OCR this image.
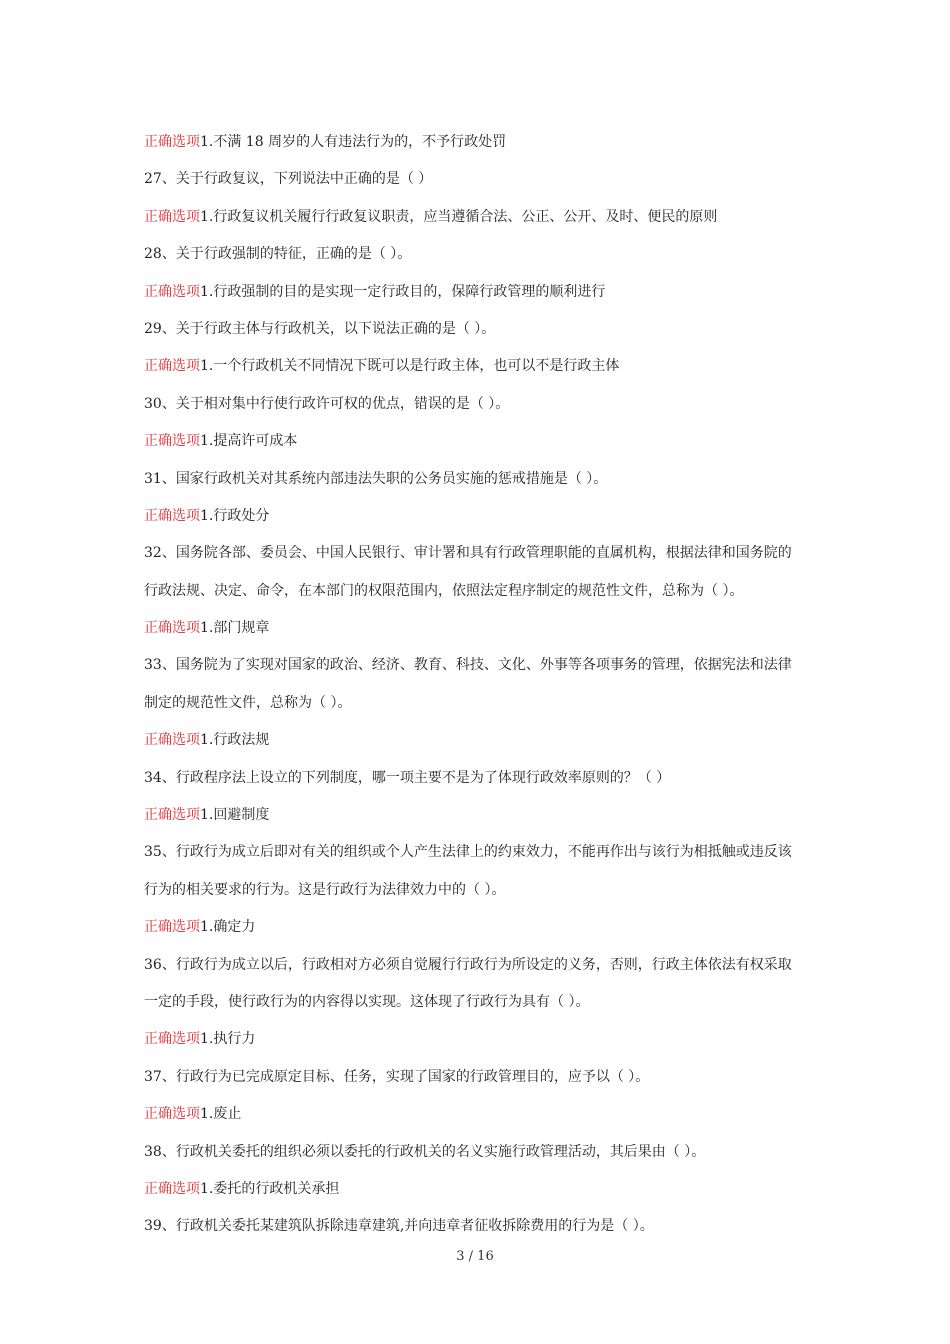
正确选项1.不满 18 周岁的人有违法行为的，不予行政处罚
27、关于行政复议，下列说法中正确的是（ ）
正确选项1.行政复议机关履行行政复议职责，应当遵循合法、公正、公开、及时、便民的原则
28、关于行政强制的特征，正确的是（ ）。
正确选项1.行政强制的目的是实现一定行政目的，保障行政管理的顺利进行
29、关于行政主体与行政机关，以下说法正确的是（ ）。
正确选项1.一个行政机关不同情况下既可以是行政主体，也可以不是行政主体
30、关于相对集中行使行政许可权的优点，错误的是（ ）。
正确选项1.提高许可成本
31、国家行政机关对其系统内部违法失职的公务员实施的惩戒措施是（ ）。
正确选项1.行政处分
32、国务院各部、委员会、中国人民银行、审计署和具有行政管理职能的直属机构，根据法律和国务院的
行政法规、决定、命令，在本部门的权限范围内，依照法定程序制定的规范性文件，总称为（ ）。
正确选项1.部门规章
33、国务院为了实现对国家的政治、经济、教育、科技、文化、外事等各项事务的管理，依据宪法和法律
制定的规范性文件，总称为（ ）。
正确选项1.行政法规
34、行政程序法上设立的下列制度，哪一项主要不是为了体现行政效率原则的？（ ）
正确选项1.回避制度
35、行政行为成立后即对有关的组织或个人产生法律上的约束效力，不能再作出与该行为相抵触或违反该
行为的相关要求的行为。这是行政行为法律效力中的（ ）。
正确选项1.确定力
36、行政行为成立以后，行政相对方必须自觉履行行政行为所设定的义务，否则，行政主体依法有权采取
一定的手段，使行政行为的内容得以实现。这体现了行政行为具有（ ）。
正确选项1.执行力
37、行政行为已完成原定目标、任务，实现了国家的行政管理目的，应予以（ ）。
正确选项1.废止
38、行政机关委托的组织必须以委托的行政机关的名义实施行政管理活动，其后果由（ ）。
正确选项1.委托的行政机关承担
39、行政机关委托某建筑队拆除违章建筑,并向违章者征收拆除费用的行为是（ ）。
3 / 16
